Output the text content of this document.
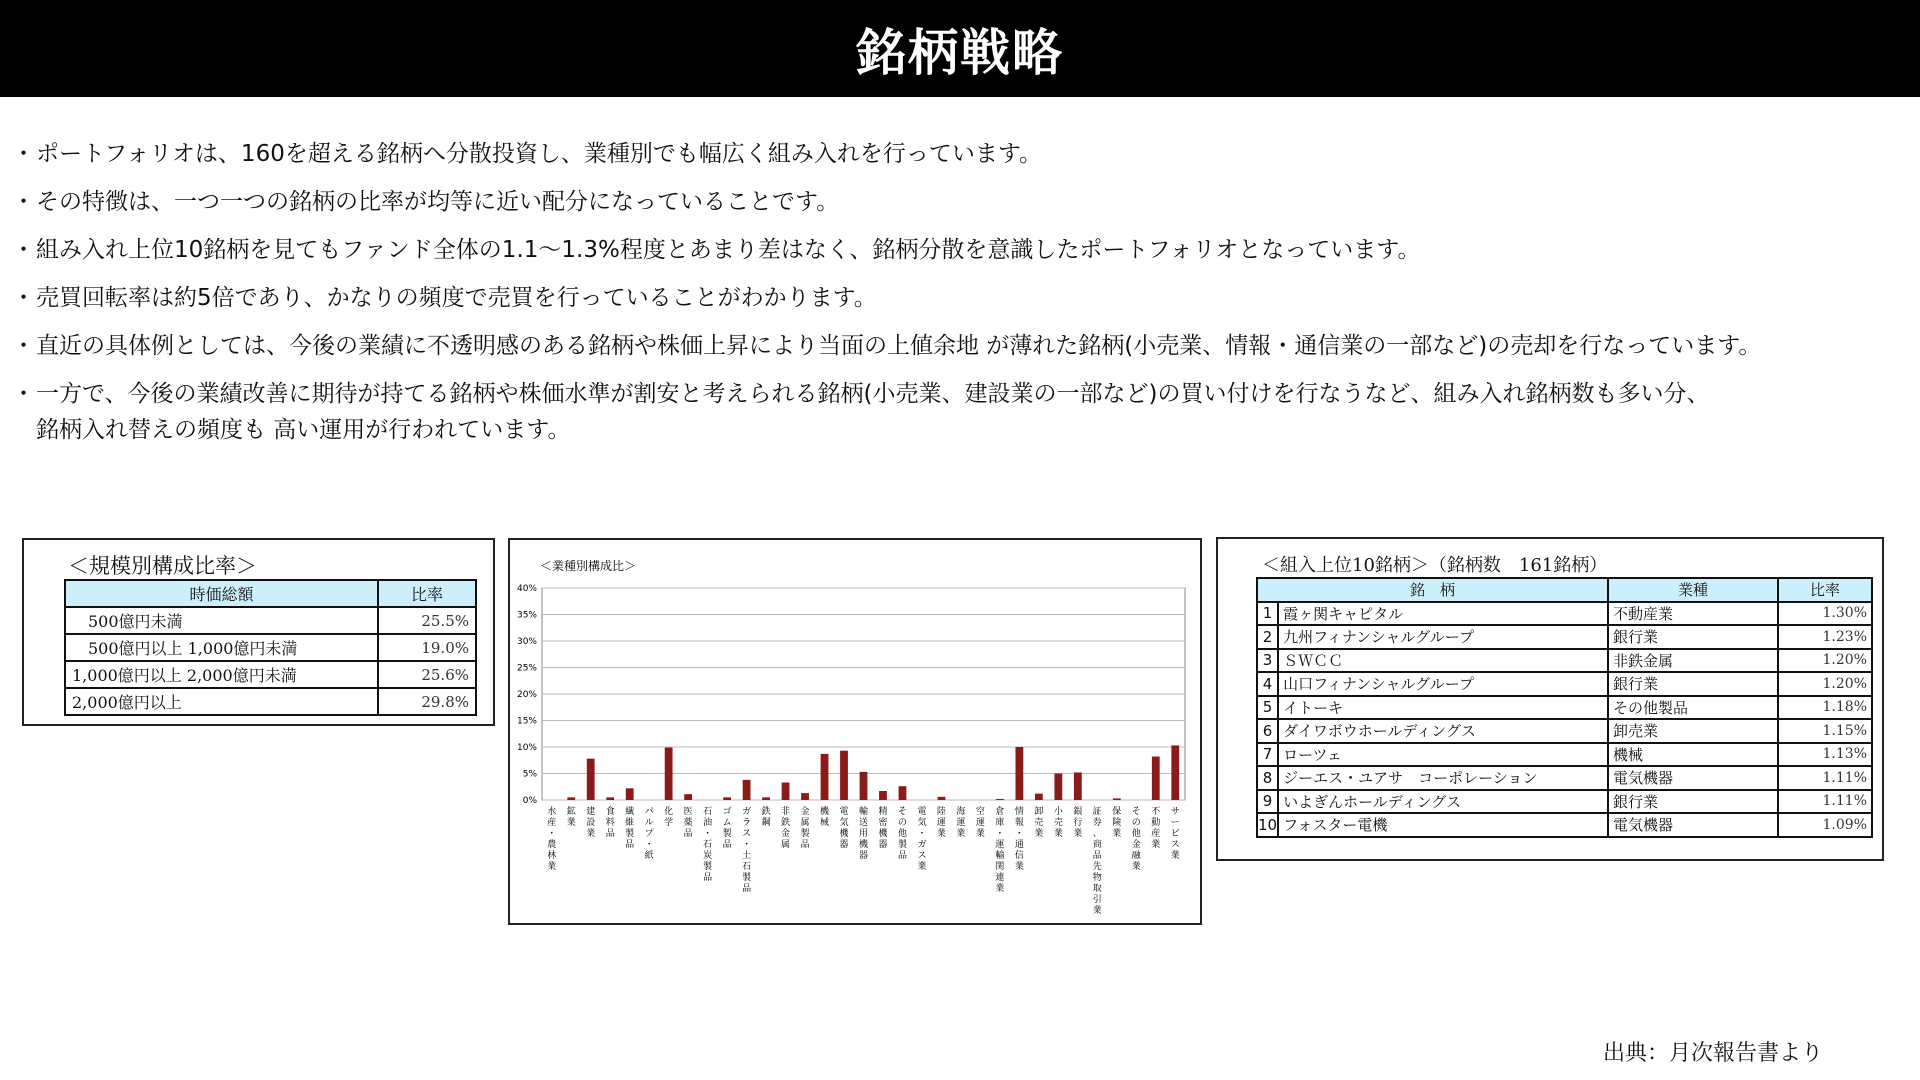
銘柄戦略
・ ポートフォリオは、160を超える銘柄へ分散投資し、業種別でも幅広く組み入れを行っています。
・ その特徴は、一つ一つの銘柄の比率が均等に近い配分になっていることです。
・ 組み入れ上位10銘柄を見てもファンド全体の1.1～1.3%程度とあまり差はなく、銘柄分散を意識したポートフォリオとなっています。
・ 売買回転率は約5倍であり、かなりの頻度で売買を行っていることがわかります。
・ 直近の具体例としては、今後の業績に不透明感のある銘柄や株価上昇により当面の上値余地 が薄れた銘柄(小売業、情報・通信業の一部など)の売却を行なっています。
・ 一方で、今後の業績改善に期待が持てる銘柄や株価水準が割安と考えられる銘柄(小売業、建設業の一部など)の買い付けを行なうなど、組み入れ銘柄数も多い分、
銘柄入れ替えの頻度も 高い運用が行われています。
＜規模別構成比率＞
時価総額	比率
　500億円未満	25.5%
　500億円以上 1,000億円未満	19.0%
1,000億円以上 2,000億円未満	25.6%
2,000億円以上	29.8%
＜業種別構成比＞
0%
5%
10%
15%
20%
25%
30%
35%
40%
水産・農林業
鉱業
建設業
食料品
繊維製品
パルプ・紙
化学
医薬品
石油・石炭製品
ゴム製品
ガラス・土石製品
鉄鋼
非鉄金属
金属製品
機械
電気機器
輸送用機器
精密機器
その他製品
電気・ガス業
陸運業
海運業
空運業
倉庫・運輸関連業
情報・通信業
卸売業
小売業
銀行業
証券、商品先物取引業
保険業
その他金融業
不動産業
サービス業
＜組入上位10銘柄＞（銘柄数　161銘柄）
銘　柄		業種	比率
1	霞ヶ関キャピタル	不動産業	1.30%
2	九州フィナンシャルグループ	銀行業	1.23%
3	ＳＷＣＣ	非鉄金属	1.20%
4	山口フィナンシャルグループ	銀行業	1.20%
5	イトーキ	その他製品	1.18%
6	ダイワボウホールディングス	卸売業	1.15%
7	ローツェ	機械	1.13%
8	ジーエス・ユアサ　コーポレーション	電気機器	1.11%
9	いよぎんホールディングス	銀行業	1.11%
10	フォスター電機	電気機器	1.09%
出典：月次報告書より
